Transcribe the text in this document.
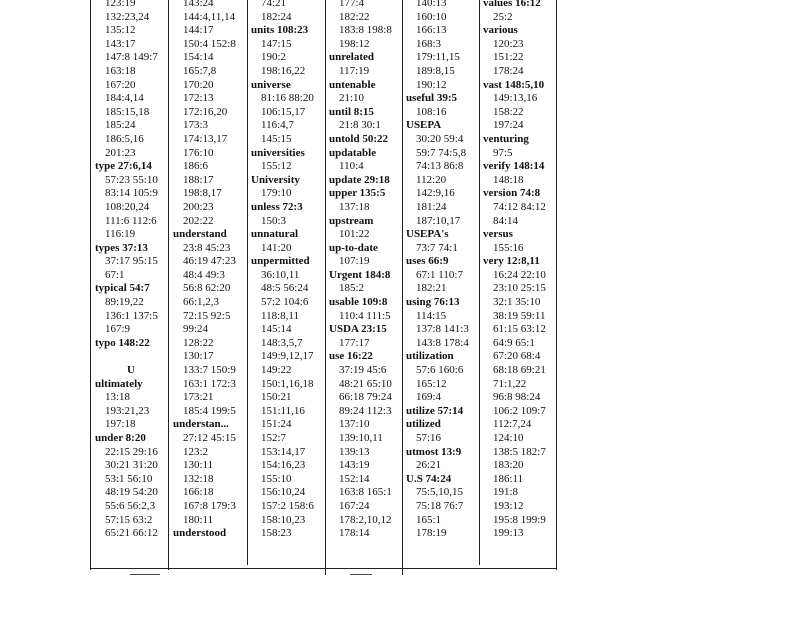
123:19
132:23,24
135:12
143:17
147:8 149:7
163:18
167:20
184:4,14
185:15,18
185:24
186:5,16
201:23
type 27:6,14
57:23 55:10
83:14 105:9
108:20,24
111:6 112:6
116:19
types 37:13
37:17 95:15
67:1
typical 54:7
89:19,22
136:1 137:5
167:9
typo 148:22
U
ultimately
13:18
193:21,23
197:18
under 8:20
22:15 29:16
30:21 31:20
53:1 56:10
48:19 54:20
55:6 56:2,3
57:15 63:2
65:21 66:12
143:24
144:4,11,14
144:17
150:4 152:8
154:14
165:7,8
170:20
172:13
172:16,20
173:3
174:13,17
176:10
186:6
188:17
198:8,17
200:23
202:22
understand
23:8 45:23
46:19 47:23
48:4 49:3
56:8 62:20
66:1,2,3
72:15 92:5
99:24
128:22
130:17
133:7 150:9
163:1 172:3
173:21
185:4 199:5
understan...
27:12 45:15
123:2
130:11
132:18
166:18
167:8 179:3
180:11
understood
74:21
182:24
units 108:23
147:15
190:2
198:16,22
universe
81:16 88:20
106:15,17
116:4,7
145:15
universities
155:12
University
179:10
unless 72:3
150:3
unnatural
141:20
unpermitted
36:10,11
48:5 56:24
57:2 104:6
118:8,11
145:14
148:3,5,7
149:9,12,17
149:22
150:1,16,18
150:21
151:11,16
151:24
152:7
153:14,17
154:16,23
155:10
156:10,24
157:2 158:6
158:10,23
158:23
177:4
182:22
183:8 198:8
198:12
unrelated
117:19
untenable
21:10
until 8:15
21:8 30:1
untold 50:22
updatable
110:4
update 29:18
upper 135:5
137:18
upstream
101:22
up-to-date
107:19
Urgent 184:8
185:2
usable 109:8
110:4 111:5
USDA 23:15
177:17
use 16:22
37:19 45:6
48:21 65:10
66:18 79:24
89:24 112:3
137:10
139:10,11
139:13
143:19
152:14
163:8 165:1
167:24
178:2,10,12
178:14
140:13
160:10
166:13
168:3
179:11,15
189:8,15
190:12
useful 39:5
108:16
USEPA
30:20 59:4
59:7 74:5,8
74:13 86:8
112:20
142:9,16
181:24
187:10,17
USEPA's
73:7 74:1
uses 66:9
67:1 110:7
182:21
using 76:13
114:15
137:8 141:3
143:8 178:4
utilization
57:6 160:6
165:12
169:4
utilize 57:14
utilized
57:16
utmost 13:9
26:21
U.S 74:24
75:5,10,15
75:18 76:7
165:1
178:19
values 16:12
25:2
various
120:23
151:22
178:24
vast 148:5,10
149:13,16
158:22
197:24
venturing
97:5
verify 148:14
148:18
version 74:8
74:12 84:12
84:14
versus
155:16
very 12:8,11
16:24 22:10
23:10 25:15
32:1 35:10
38:19 59:11
61:15 63:12
64:9 65:1
67:20 68:4
68:18 69:21
71:1,22
96:8 98:24
106:2 109:7
112:7,24
124:10
138:5 182:7
183:20
186:11
191:8
193:12
195:8 199:9
199:13
